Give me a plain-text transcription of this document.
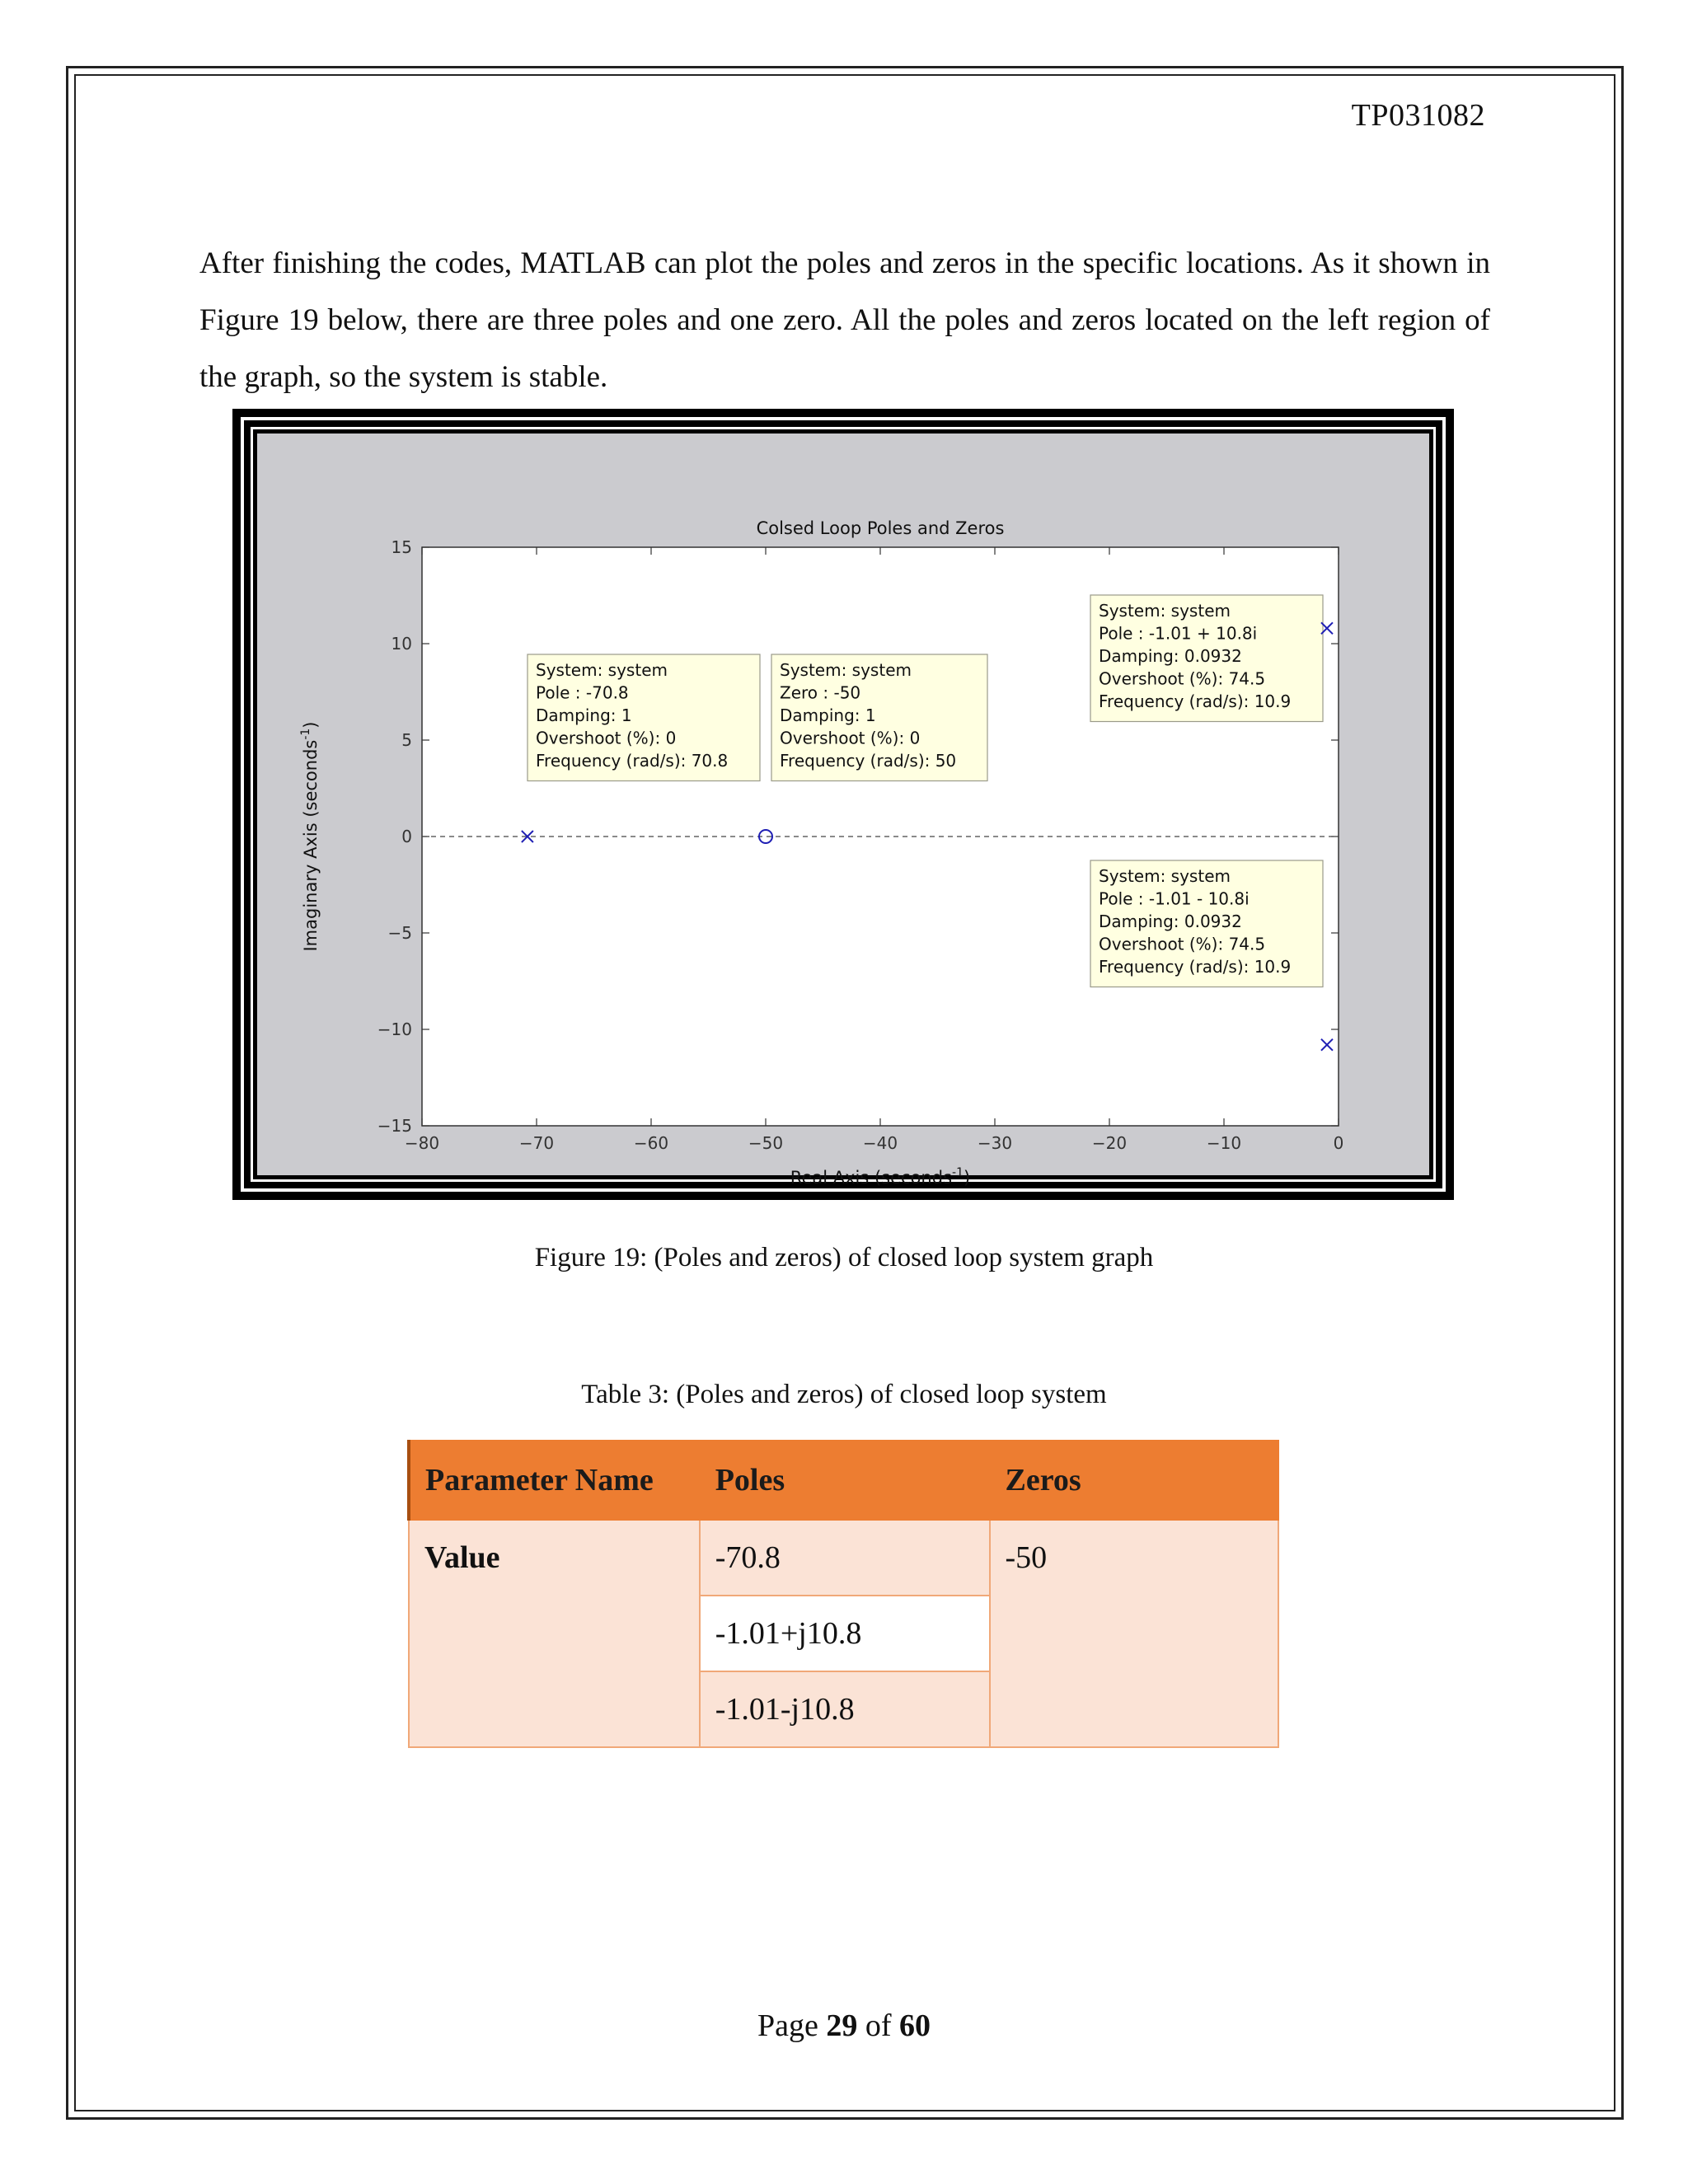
TP031082

After finishing the codes, MATLAB can plot the poles and zeros in the specific locations. As it shown in Figure 19 below, there are three poles and one zero. All the poles and zeros located on the left region of the graph, so the system is stable.

−80	−70	−60	−50	−40	−30	−20	−10	0
−15
−10
−5
0
5
10
15
Colsed Loop Poles and Zeros
Real Axis (seconds$^{-1}$)
Imaginary Axis (seconds$^{-1}$)
System: system
Pole : -70.8
Damping: 1
Overshoot (%): 0
Frequency (rad/s): 70.8
System: system
Zero : -50
Damping: 1
Overshoot (%): 0
Frequency (rad/s): 50
System: system
Pole : -1.01 + 10.8i
Damping: 0.0932
Overshoot (%): 74.5
Frequency (rad/s): 10.9
System: system
Pole : -1.01 - 10.8i
Damping: 0.0932
Overshoot (%): 74.5
Frequency (rad/s): 10.9
Figure 19: (Poles and zeros) of closed loop system graph
Table 3: (Poles and zeros) of closed loop system
Parameter Name	Poles	Zeros
Value	-70.8	-50
	-1.01+j10.8	
	-1.01-j10.8	
Page 29 of 60
